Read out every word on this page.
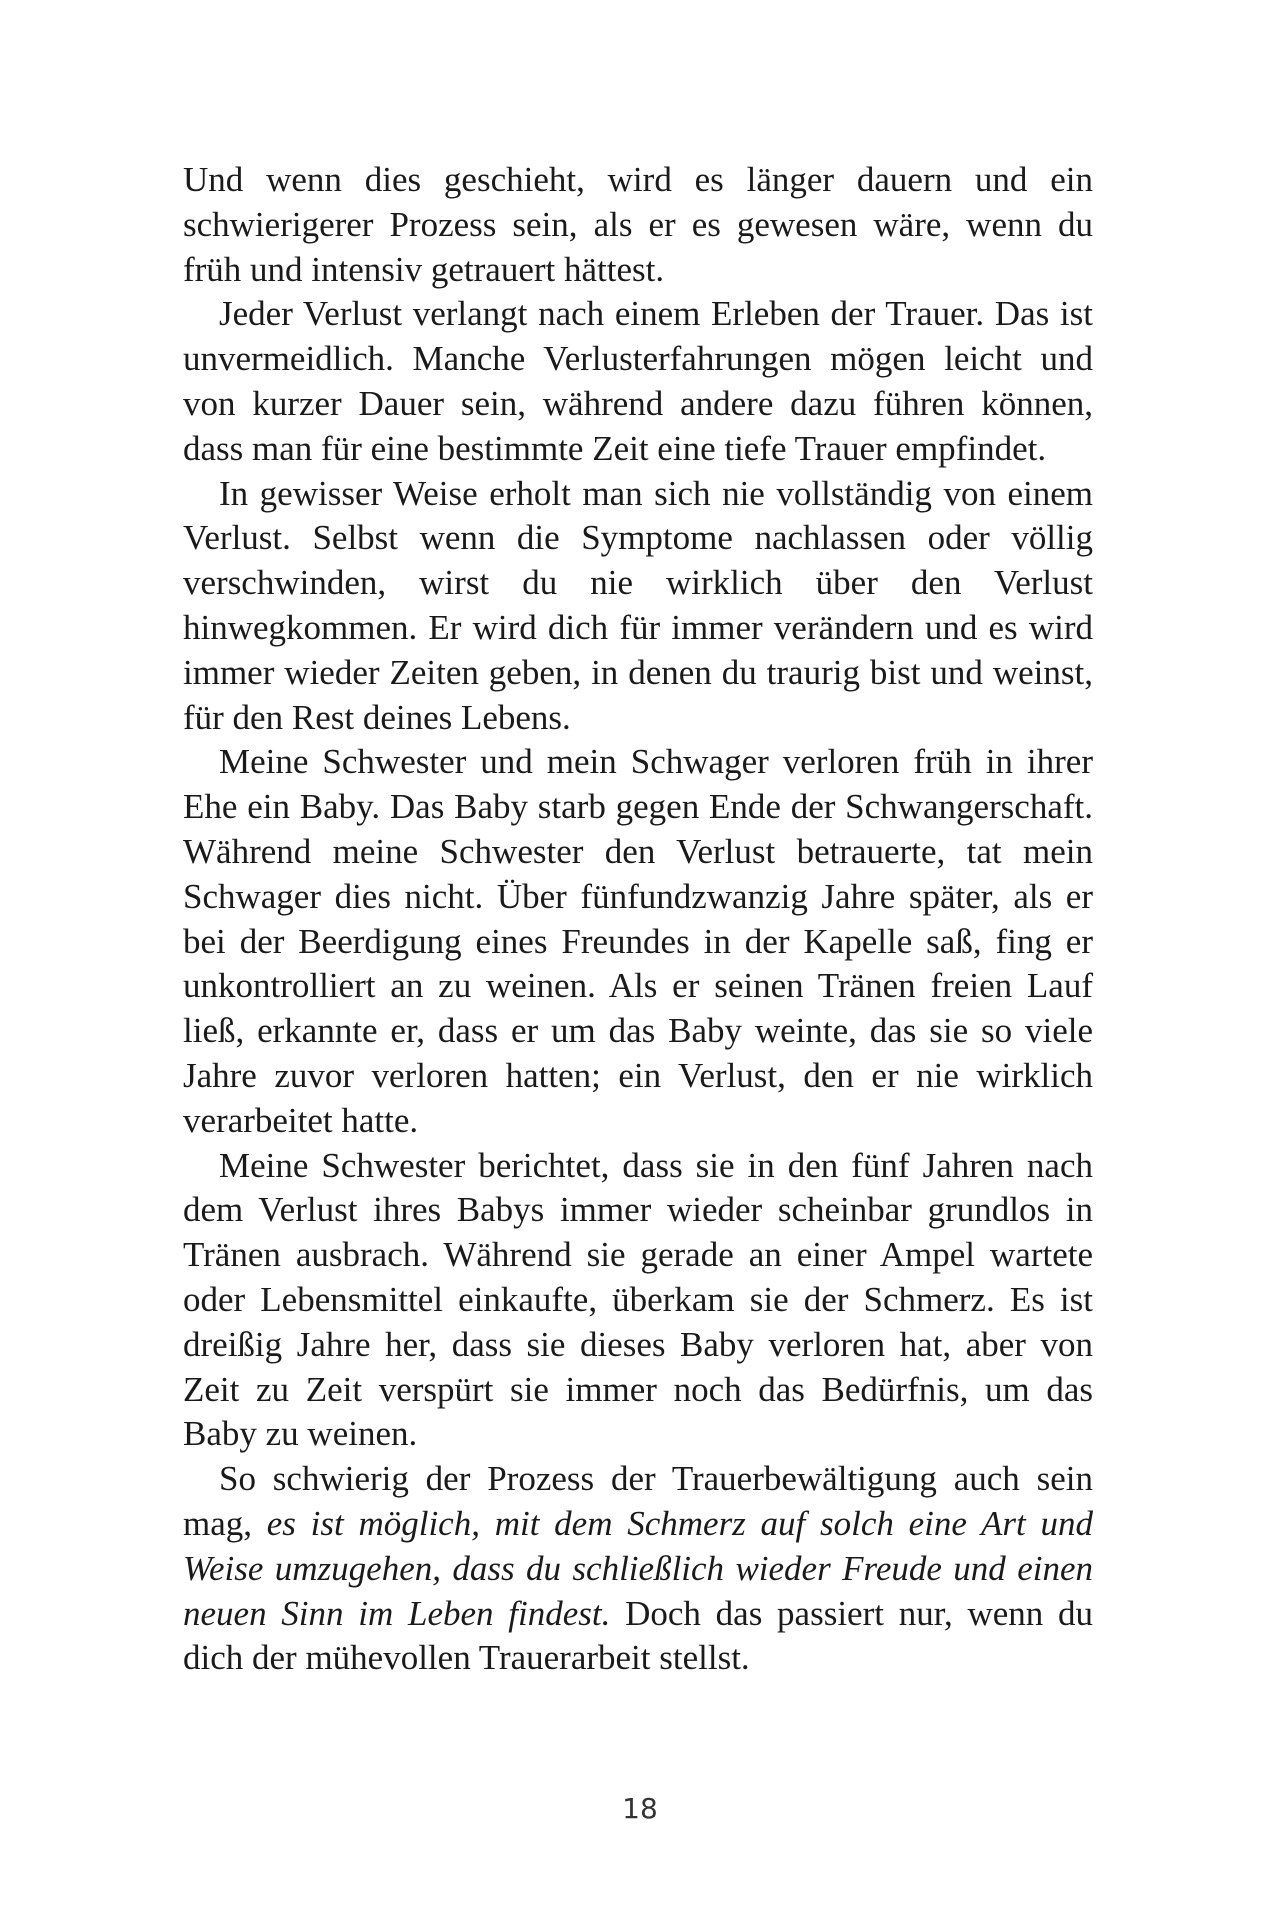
Und wenn dies geschieht, wird es länger dauern und ein schwierigerer Prozess sein, als er es gewesen wäre, wenn du früh und intensiv getrauert hättest.

Jeder Verlust verlangt nach einem Erleben der Trauer. Das ist unvermeidlich. Manche Verlusterfahrungen mögen leicht und von kurzer Dauer sein, während andere dazu führen können, dass man für eine bestimmte Zeit eine tiefe Trauer empfindet.

In gewisser Weise erholt man sich nie vollständig von einem Verlust. Selbst wenn die Symptome nachlassen oder völlig verschwinden, wirst du nie wirklich über den Verlust hinwegkommen. Er wird dich für immer verändern und es wird immer wieder Zeiten geben, in denen du traurig bist und weinst, für den Rest deines Lebens.

Meine Schwester und mein Schwager verloren früh in ihrer Ehe ein Baby. Das Baby starb gegen Ende der Schwangerschaft. Während meine Schwester den Verlust betrauerte, tat mein Schwager dies nicht. Über fünfundzwanzig Jahre später, als er bei der Beerdigung eines Freundes in der Kapelle saß, fing er unkontrolliert an zu weinen. Als er seinen Tränen freien Lauf ließ, erkannte er, dass er um das Baby weinte, das sie so viele Jahre zuvor verloren hatten; ein Verlust, den er nie wirklich verarbeitet hatte.

Meine Schwester berichtet, dass sie in den fünf Jahren nach dem Verlust ihres Babys immer wieder scheinbar grundlos in Tränen ausbrach. Während sie gerade an einer Ampel wartete oder Lebensmittel einkaufte, überkam sie der Schmerz. Es ist dreißig Jahre her, dass sie dieses Baby verloren hat, aber von Zeit zu Zeit verspürt sie immer noch das Bedürfnis, um das Baby zu weinen.

So schwierig der Prozess der Trauerbewältigung auch sein mag, es ist möglich, mit dem Schmerz auf solch eine Art und Weise umzugehen, dass du schließlich wieder Freude und einen neuen Sinn im Leben findest. Doch das passiert nur, wenn du dich der mühevollen Trauerarbeit stellst.

18
